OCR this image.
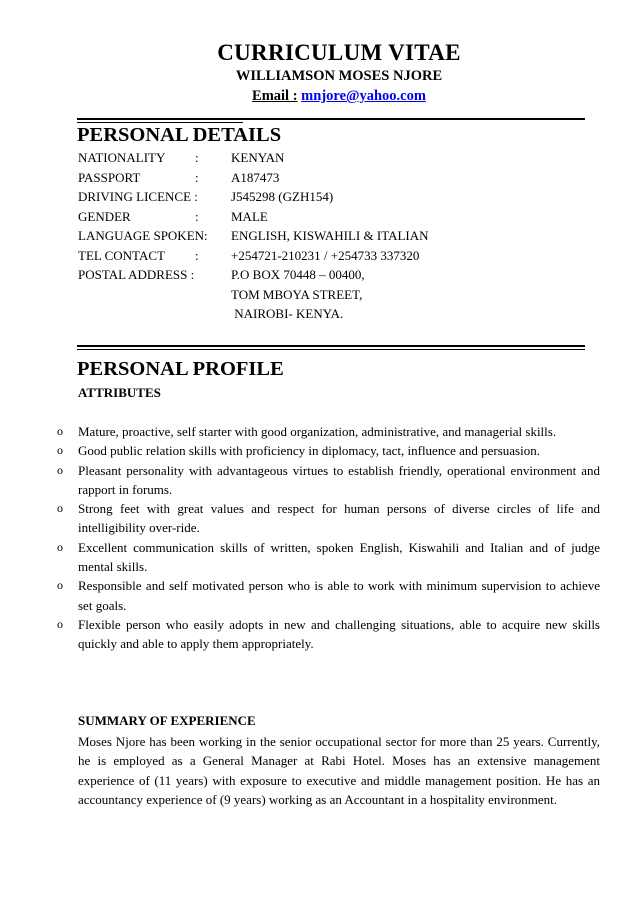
CURRICULUM VITAE
WILLIAMSON MOSES NJORE
Email : mnjore@yahoo.com
PERSONAL DETAILS
NATIONALITY : KENYAN
PASSPORT	: A187473
DRIVING LICENCE :	J545298 (GZH154)
GENDER	: MALE
LANGUAGE SPOKEN: ENGLISH, KISWAHILI & ITALIAN
TEL CONTACT : +254721-210231 / +254733 337320
POSTAL ADDRESS :	P.O BOX 70448 – 00400,
TOM MBOYA STREET,
NAIROBI- KENYA.
PERSONAL PROFILE
ATTRIBUTES
o Mature, proactive, self starter with good organization, administrative, and managerial skills.
o Good public relation skills with proficiency in diplomacy, tact, influence and persuasion.
o Pleasant personality with advantageous virtues to establish friendly, operational environment and rapport in forums.
o Strong feet with great values and respect for human persons of diverse circles of life and intelligibility over-ride.
o Excellent communication skills of written, spoken English, Kiswahili and Italian and of judge mental skills.
o Responsible and self motivated person who is able to work with minimum supervision to achieve set goals.
o Flexible person who easily adopts in new and challenging situations, able to acquire new skills quickly and able to apply them appropriately.
SUMMARY OF EXPERIENCE
Moses Njore has been working in the senior occupational sector for more than 25 years. Currently, he is employed as a General Manager at Rabi Hotel. Moses has an extensive management experience of (11 years) with exposure to executive and middle management position. He has an accountancy experience of (9 years) working as an Accountant in a hospitality environment.
